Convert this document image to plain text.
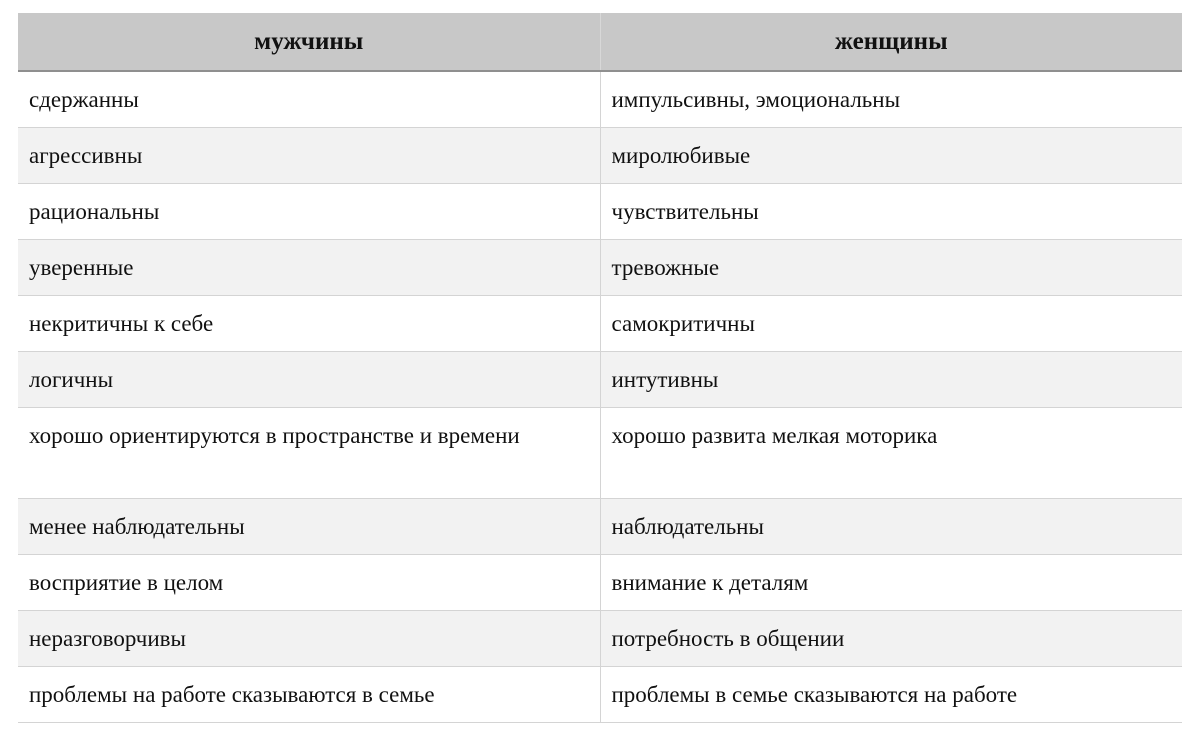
мужчины	женщины
сдержанны	импульсивны, эмоциональны
агрессивны	миролюбивые
рациональны	чувствительны
уверенные	тревожные
некритичны к себе	самокритичны
логичны	интутивны
хорошо ориентируются в пространстве и времени	хорошо развита мелкая моторика
менее наблюдательны	наблюдательны
восприятие в целом	внимание к деталям
неразговорчивы	потребность в общении
проблемы на работе сказываются в семье	проблемы в семье сказываются на работе
